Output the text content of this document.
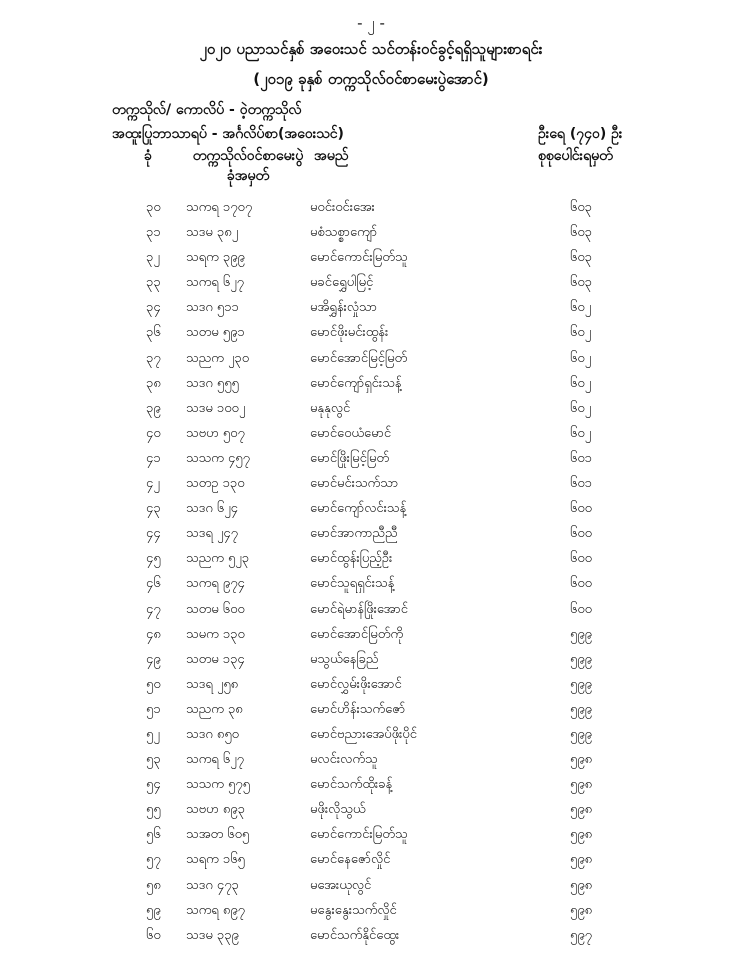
- ၂ -
၂၀၂၀ ပညာသင်နှစ် အဝေးသင် သင်တန်းဝင်ခွင့်ရရှိသူများစာရင်း
(၂၀၁၉ ခုနှစ် တက္ကသိုလ်ဝင်စာမေးပွဲအောင်)
တက္ကသိုလ်/ ကောလိပ် - ဝဲ့တက္ကသိုလ်
အထူးပြုဘာသာရပ် - အင်္ဂလိပ်စာ(အဝေးသင်)	ဦးရေ (၇၄၀) ဦး
ခုံ	တက္ကသိုလ်ဝင်စာမေးပွဲ
ခုံအမှတ်
အမည်	စုစုပေါင်းရမှတ်
၃၀ သကရ ၁၇၀၇	မဝင်းဝင်းအေး	၆၀၃
၃၁ သဒမ ၃၈၂	မစံသစ္စာကျော်	၆၀၃
၃၂ သရက ၃၉၉	မောင်ကောင်းမြတ်သူ	၆၀၃
၃၃ သကရ ၆၂၇	မခင်ရွှေပါမြင့်	၆၀၃
၃၄ သဒဂ ၅၁၁	မအိရွှန်းလှုံသာ	၆၀၂
၃၆ သတမ ၅၉၁	မောင်ဖိုးမင်းထွန်း	၆၀၂
၃၇ သညက ၂၃၀	မောင်အောင်မြင့်မြတ်	၆၀၂
၃၈ သဒဂ ၅၅၅	မောင်ကျော်ရှင်းသန့်	၆၀၂
၃၉ သဒမ ၁၀၀၂	မနုနုလွင်	၆၀၂
၄၀ သဗဟ ၅၀၇	မောင်ဝေယံမောင်	၆၀၂
၄၁ သသက ၄၅၇	မောင်ဖြိုးမြင့်မြတ်	၆၀၁
၄၂ သတဥ ၁၃၀	မောင်မင်းသက်သာ	၆၀၁
၄၃ သဒဂ ၆၂၄	မောင်ကျော်လင်းသန့်	၆၀၀
၄၄ သဒရ ၂၄၇	မောင်အာကာညီညီ	၆၀၀
၄၅ သညက ၅၂၃	မောင်ထွန်းပြည့်ဦး	၆၀၀
၄၆ သကရ ၉၇၄	မောင်သူရရှင်းသန့်	၆၀၀
၄၇ သတမ ၆၀၀	မောင်ရဲမာန်ဖြိုးအောင်	၆၀၀
၄၈ သမက ၁၃၀	မောင်အောင်မြတ်ကို	၅၉၉
၄၉ သတမ ၁၃၄	မသွယ်နေခြည်	၅၉၉
၅၀ သဒရ ၂၅၈	မောင်လွှမ်းဖိုးအောင်	၅၉၉
၅၁ သညက ၃၈	မောင်ဟိန်းသက်ဇော်	၅၉၉
၅၂ သဒဂ ၈၅၀	မောင်ဗညားအေပ်ဖိုးပိုင်	၅၉၉
၅၃ သကရ ၆၂၇	မလင်းလက်သူ	၅၉၈
၅၄ သသက ၅၇၅	မောင်သက်ထိုးခန့်	၅၉၈
၅၅ သဗဟ ၈၉၃	မဖိုးလိုသွယ်	၅၉၈
၅၆ သအတ ၆၀၅	မောင်ကောင်းမြတ်သူ	၅၉၈
၅၇ သရက ၁၆၅	မောင်နေဇော်လှိုင်	၅၉၈
၅၈ သဒဂ ၄၇၃	မအေးယုလွင်	၅၉၈
၅၉ သကရ ၈၉၇	မနွေးနွေးသက်လှိုင်	၅၉၈
၆၀ သဒမ ၃၃၉	မောင်သက်နိုင်ထွေး	၅၉၇
